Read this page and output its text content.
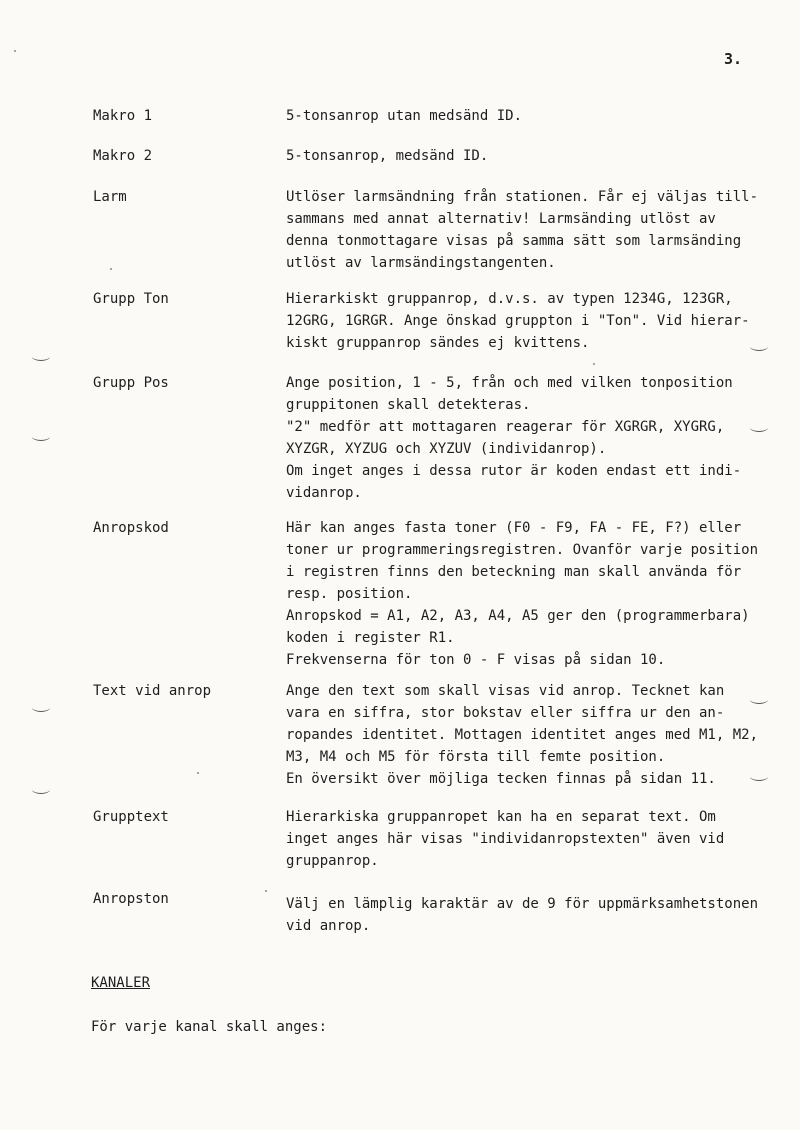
3.
Makro 1	5-tonsanrop utan medsänd ID.
Makro 2	5-tonsanrop, medsänd ID.
Larm	Utlöser larmsändning från stationen. Får ej väljas till-
sammans med annat alternativ! Larmsänding utlöst av
denna tonmottagare visas på samma sätt som larmsänding
utlöst av larmsändingstangenten.
Grupp Ton	Hierarkiskt gruppanrop, d.v.s. av typen 1234G, 123GR,
12GRG, 1GRGR. Ange önskad gruppton i "Ton". Vid hierar-
kiskt gruppanrop sändes ej kvittens.
Grupp Pos	Ange position, 1 - 5, från och med vilken tonposition
gruppitonen skall detekteras.
"2" medför att mottagaren reagerar för XGRGR, XYGRG,
XYZGR, XYZUG och XYZUV (individanrop).
Om inget anges i dessa rutor är koden endast ett indi-
vidanrop.
Anropskod	Här kan anges fasta toner (F0 - F9, FA - FE, F?) eller
toner ur programmeringsregistren. Ovanför varje position
i registren finns den beteckning man skall använda för
resp. position.
Anropskod = A1, A2, A3, A4, A5 ger den (programmerbara)
koden i register R1.
Frekvenserna för ton 0 - F visas på sidan 10.
Text vid anrop	Ange den text som skall visas vid anrop. Tecknet kan
vara en siffra, stor bokstav eller siffra ur den an-
ropandes identitet. Mottagen identitet anges med M1, M2,
M3, M4 och M5 för första till femte position.
En översikt över möjliga tecken finnas på sidan 11.
Grupptext	Hierarkiska gruppanropet kan ha en separat text. Om
inget anges här visas "individanropstexten" även vid
gruppanrop.
Anropston	Välj en lämplig karaktär av de 9 för uppmärksamhetstonen
vid anrop.
KANALER
För varje kanal skall anges:
